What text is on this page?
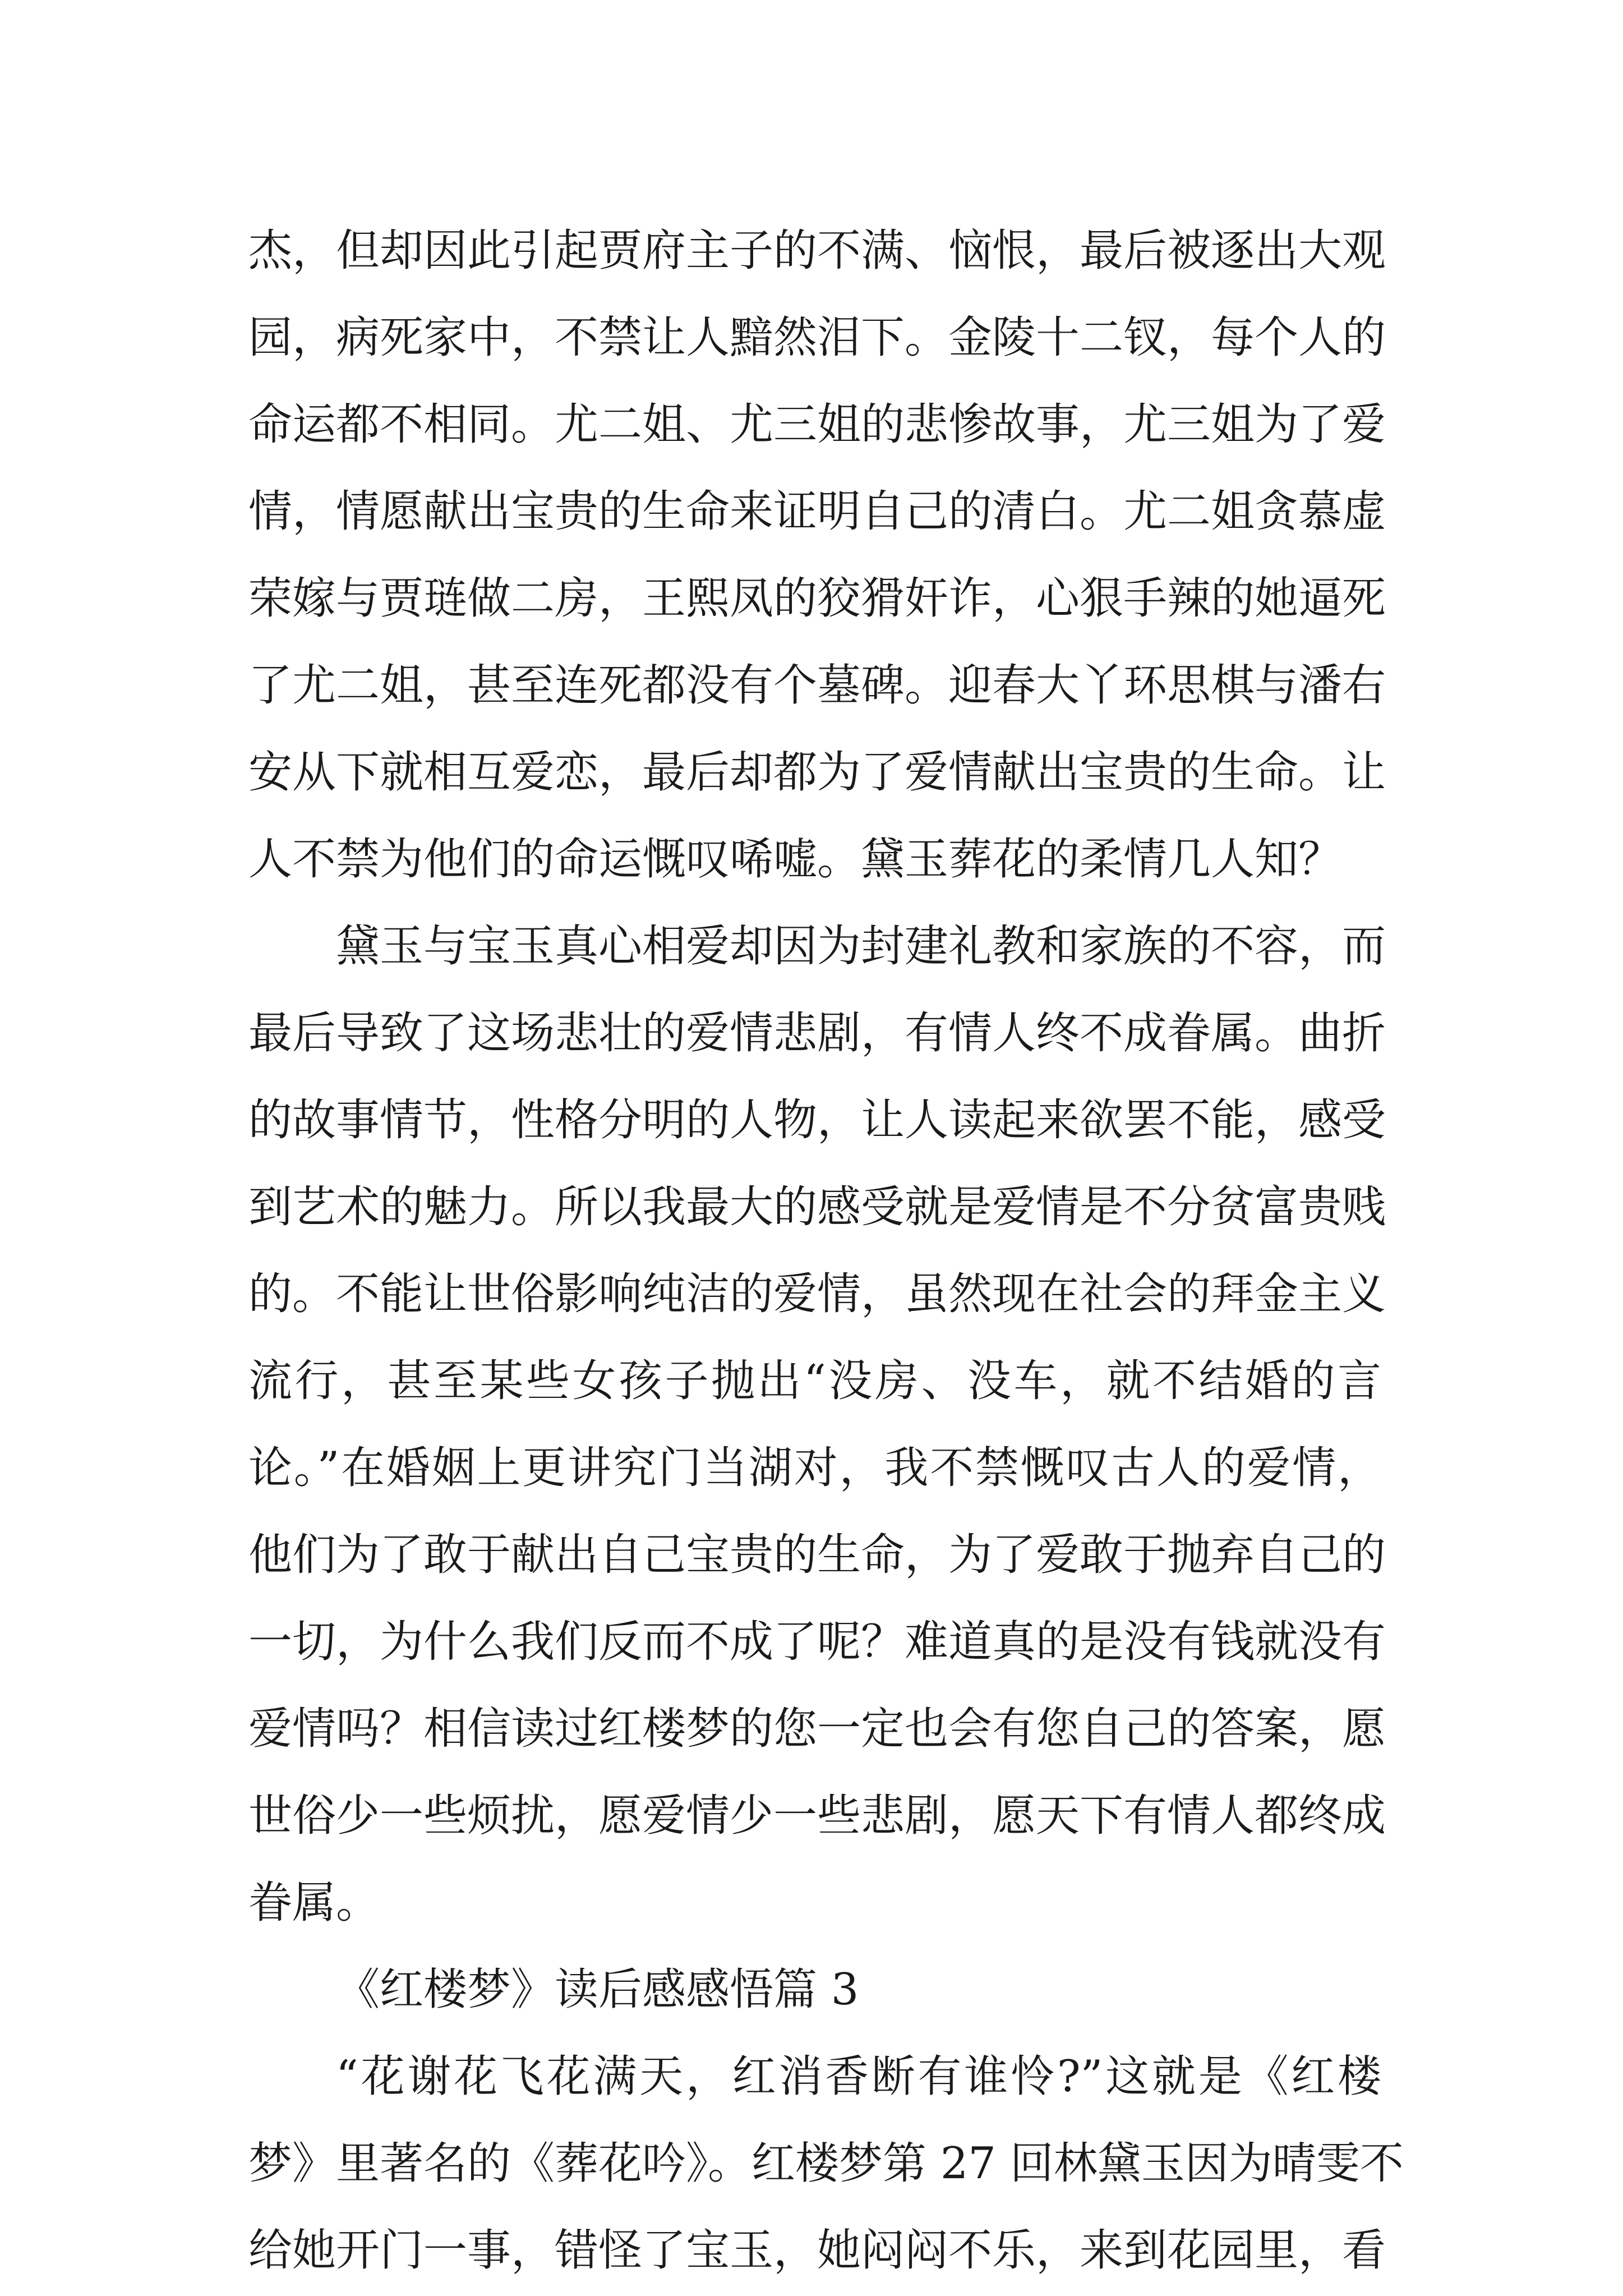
杰，但却因此引起贾府主子的不满、恼恨，最后被逐出大观
园，病死家中，不禁让人黯然泪下。金陵十二钗，每个人的
命运都不相同。尤二姐、尤三姐的悲惨故事，尤三姐为了爱
情，情愿献出宝贵的生命来证明自己的清白。尤二姐贪慕虚
荣嫁与贾琏做二房，王熙凤的狡猾奸诈，心狠手辣的她逼死
了尤二姐，甚至连死都没有个墓碑。迎春大丫环思棋与潘右
安从下就相互爱恋，最后却都为了爱情献出宝贵的生命。让
人不禁为他们的命运慨叹唏嘘。黛玉葬花的柔情几人知？
黛玉与宝玉真心相爱却因为封建礼教和家族的不容，而
最后导致了这场悲壮的爱情悲剧，有情人终不成眷属。曲折
的故事情节，性格分明的人物，让人读起来欲罢不能，感受
到艺术的魅力。所以我最大的感受就是爱情是不分贫富贵贱
的。不能让世俗影响纯洁的爱情，虽然现在社会的拜金主义
流行，甚至某些女孩子抛出“没房、没车，就不结婚的言
论。”在婚姻上更讲究门当湖对，我不禁慨叹古人的爱情，
他们为了敢于献出自己宝贵的生命，为了爱敢于抛弃自己的
一切，为什么我们反而不成了呢？难道真的是没有钱就没有
爱情吗？相信读过红楼梦的您一定也会有您自己的答案，愿
世俗少一些烦扰，愿爱情少一些悲剧，愿天下有情人都终成
眷属。
《红楼梦》读后感感悟篇 3
“花谢花飞花满天，红消香断有谁怜?”这就是《红楼
梦》里著名的《葬花吟》。红楼梦第 27 回林黛玉因为晴雯不
给她开门一事，错怪了宝玉，她闷闷不乐，来到花园里，看
